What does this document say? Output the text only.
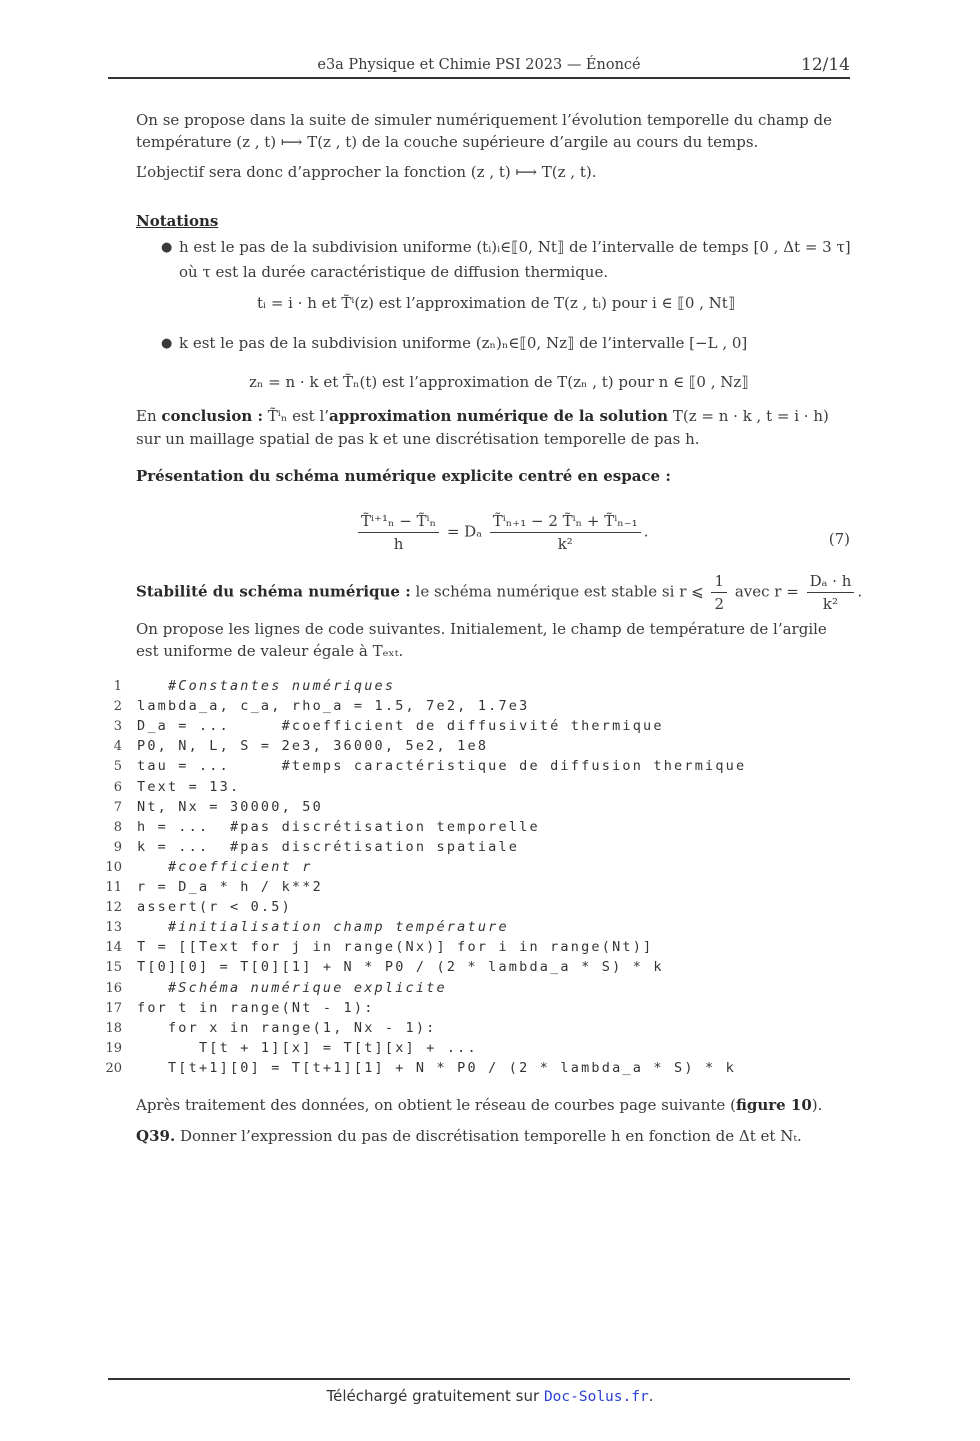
e3a Physique et Chimie PSI 2023 — Énoncé	12/14
On se propose dans la suite de simuler numériquement l’évolution temporelle du champ de température (z , t) ⟼ T(z , t) de la couche supérieure d’argile au cours du temps.
L’objectif sera donc d’approcher la fonction (z , t) ⟼ T(z , t).
Notations
● h est le pas de la subdivision uniforme (tᵢ)ᵢ∈⟦0, Nt⟧ de l’intervalle de temps [0 , Δt = 3 τ]
où τ est la durée caractéristique de diffusion thermique.
tᵢ = i · h et T̃ⁱ(z) est l’approximation de T(z , tᵢ) pour i ∈ ⟦0 , Nt⟧
● k est le pas de la subdivision uniforme (zₙ)ₙ∈⟦0, Nz⟧ de l’intervalle [−L , 0]
zₙ = n · k et T̃ₙ(t) est l’approximation de T(zₙ , t) pour n ∈ ⟦0 , Nz⟧
En conclusion : T̃ⁱₙ est l’approximation numérique de la solution T(z = n · k , t = i · h)
sur un maillage spatial de pas k et une discrétisation temporelle de pas h.
Présentation du schéma numérique explicite centré en espace :
$\frac{\text{T̃ⁱ⁺¹ₙ − T̃ⁱₙ}}{h} = D_a \frac{\text{T̃ⁱₙ₊₁ − 2 T̃ⁱₙ + T̃ⁱₙ₋₁}}{\text{k²}}$ .	(7)
Stabilité du schéma numérique : le schéma numérique est stable si r ⩽ $\frac{1}{2}$ avec $r = \frac{\text{Dₐ · h}}{\text{k²}}$ .
On propose les lignes de code suivantes. Initialement, le champ de température de l’argile est uniforme de valeur égale à Tₑₓₜ.
1 #Constantes numériques
2 lambda_a, c_a, rho_a = 1.5, 7e2, 1.7e3
3 D_a = ...     #coefficient de diffusivité thermique
4 P0, N, L, S = 2e3, 36000, 5e2, 1e8
5 tau = ...     #temps caractéristique de diffusion thermique
6 Text = 13.
7 Nt, Nx = 30000, 50
8 h = ...  #pas discrétisation temporelle
9 k = ...  #pas discrétisation spatiale
10 #coefficient r
11 r = D_a * h / k**2
12 assert(r < 0.5)
13 #initialisation champ température
14 T = [[Text for j in range(Nx)] for i in range(Nt)]
15 T[0][0] = T[0][1] + N * P0 / (2 * lambda_a * S) * k
16 #Schéma numérique explicite
17 for t in range(Nt - 1):
18 for x in range(1, Nx - 1):
19 T[t + 1][x] = T[t][x] + ...
20 T[t+1][0] = T[t+1][1] + N * P0 / (2 * lambda_a * S) * k
Après traitement des données, on obtient le réseau de courbes page suivante (figure 10).
Q39. Donner l’expression du pas de discrétisation temporelle h en fonction de Δt et Nₜ.
Téléchargé gratuitement sur Doc-Solus.fr.
